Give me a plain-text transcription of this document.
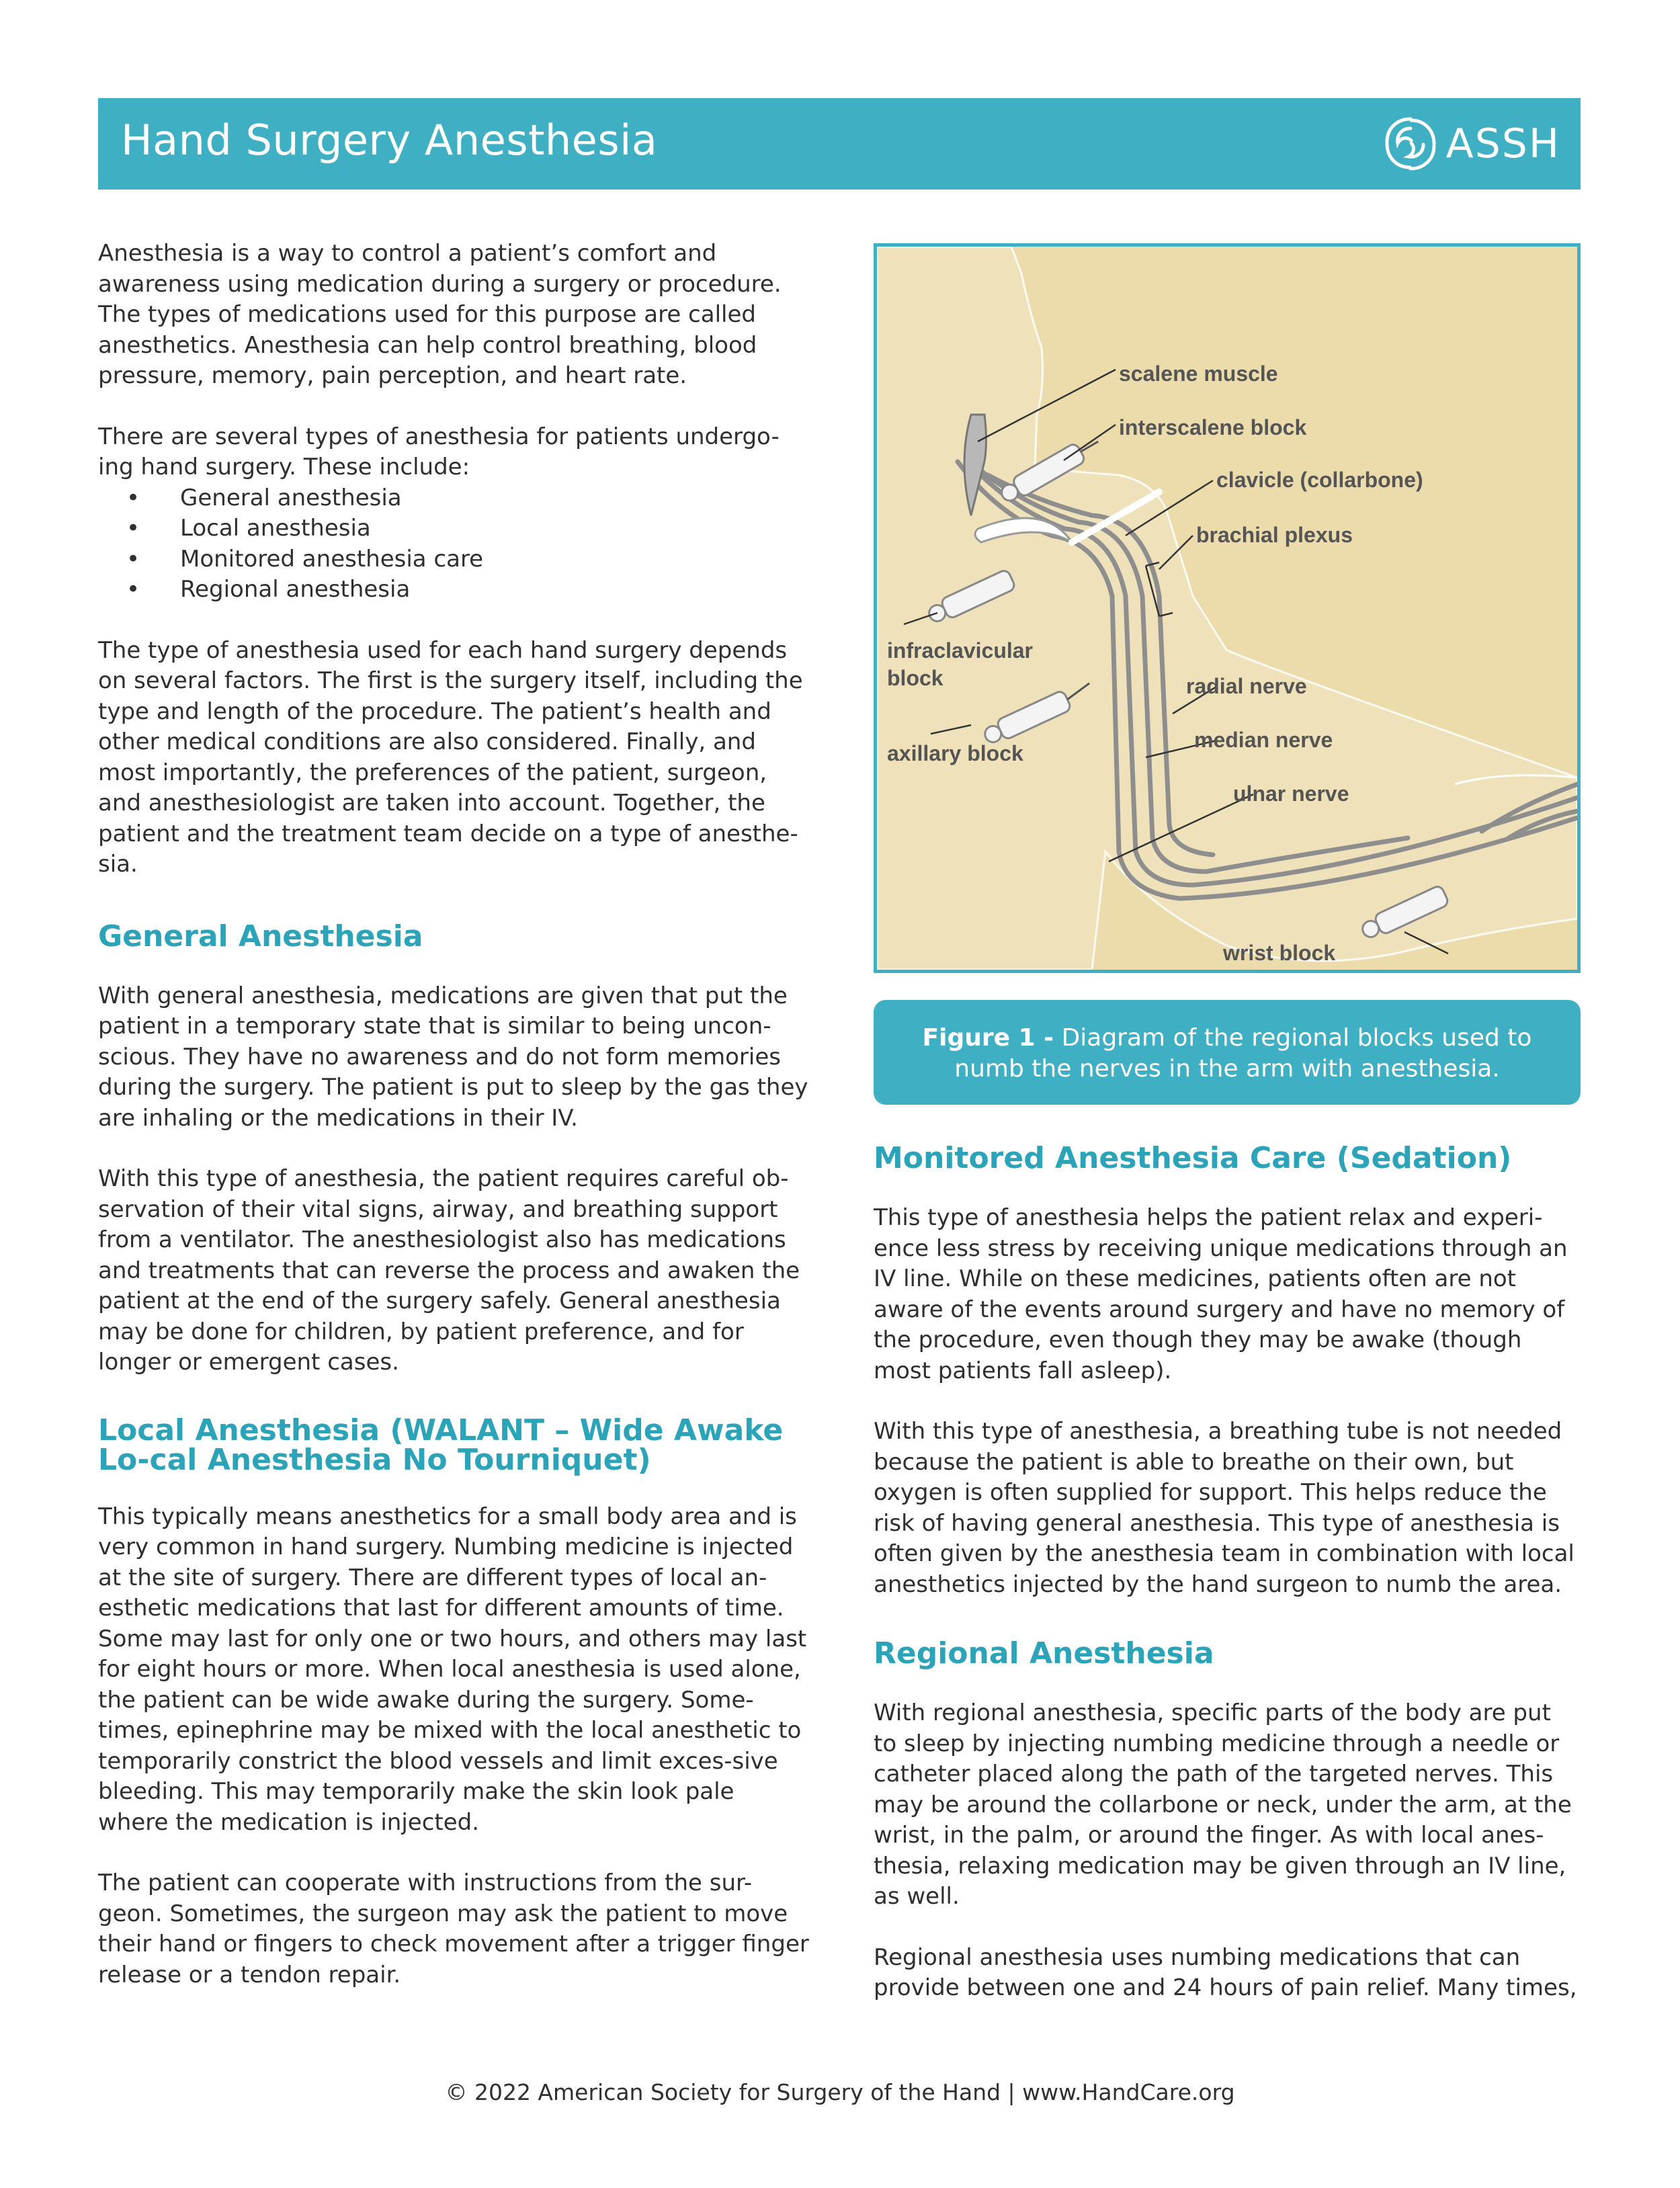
Hand Surgery Anesthesia	ASSH

Anesthesia is a way to control a patient’s comfort and awareness using medication during a surgery or procedure. The types of medications used for this purpose are called anesthetics. Anesthesia can help control breathing, blood pressure, memory, pain perception, and heart rate.

There are several types of anesthesia for patients undergo-ing hand surgery. These include:

• General anesthesia
• Local anesthesia
• Monitored anesthesia care
• Regional anesthesia

The type of anesthesia used for each hand surgery depends on several factors. The first is the surgery itself, including the type and length of the procedure. The patient’s health and other medical conditions are also considered. Finally, and most importantly, the preferences of the patient, surgeon, and anesthesiologist are taken into account. Together, the patient and the treatment team decide on a type of anesthe-sia.

General Anesthesia

With general anesthesia, medications are given that put the patient in a temporary state that is similar to being uncon-scious. They have no awareness and do not form memories during the surgery. The patient is put to sleep by the gas they are inhaling or the medications in their IV.

With this type of anesthesia, the patient requires careful ob-servation of their vital signs, airway, and breathing support from a ventilator. The anesthesiologist also has medications and treatments that can reverse the process and awaken the patient at the end of the surgery safely. General anesthesia may be done for children, by patient preference, and for longer or emergent cases.

Local Anesthesia (WALANT – Wide Awake Lo-cal Anesthesia No Tourniquet)

This typically means anesthetics for a small body area and is very common in hand surgery. Numbing medicine is injected at the site of surgery. There are different types of local an-esthetic medications that last for different amounts of time. Some may last for only one or two hours, and others may last for eight hours or more. When local anesthesia is used alone, the patient can be wide awake during the surgery. Some-times, epinephrine may be mixed with the local anesthetic to temporarily constrict the blood vessels and limit exces-sive bleeding. This may temporarily make the skin look pale where the medication is injected.

The patient can cooperate with instructions from the sur-geon. Sometimes, the surgeon may ask the patient to move their hand or fingers to check movement after a trigger finger release or a tendon repair.

scalene muscle
interscalene block
clavicle (collarbone)
brachial plexus
infraclavicular
block	radial nerve
median nerve
axillary block
ulnar nerve
wrist block
Figure 1 - Diagram of the regional blocks used to numb the nerves in the arm with anesthesia.
Monitored Anesthesia Care (Sedation)

This type of anesthesia helps the patient relax and experi-ence less stress by receiving unique medications through an IV line. While on these medicines, patients often are not aware of the events around surgery and have no memory of the procedure, even though they may be awake (though most patients fall asleep).

With this type of anesthesia, a breathing tube is not needed because the patient is able to breathe on their own, but oxygen is often supplied for support. This helps reduce the risk of having general anesthesia. This type of anesthesia is often given by the anesthesia team in combination with local anesthetics injected by the hand surgeon to numb the area.

Regional Anesthesia

With regional anesthesia, specific parts of the body are put to sleep by injecting numbing medicine through a needle or catheter placed along the path of the targeted nerves. This may be around the collarbone or neck, under the arm, at the wrist, in the palm, or around the finger. As with local anes-thesia, relaxing medication may be given through an IV line, as well.

Regional anesthesia uses numbing medications that can provide between one and 24 hours of pain relief. Many times,

© 2022 American Society for Surgery of the Hand | www.HandCare.org
